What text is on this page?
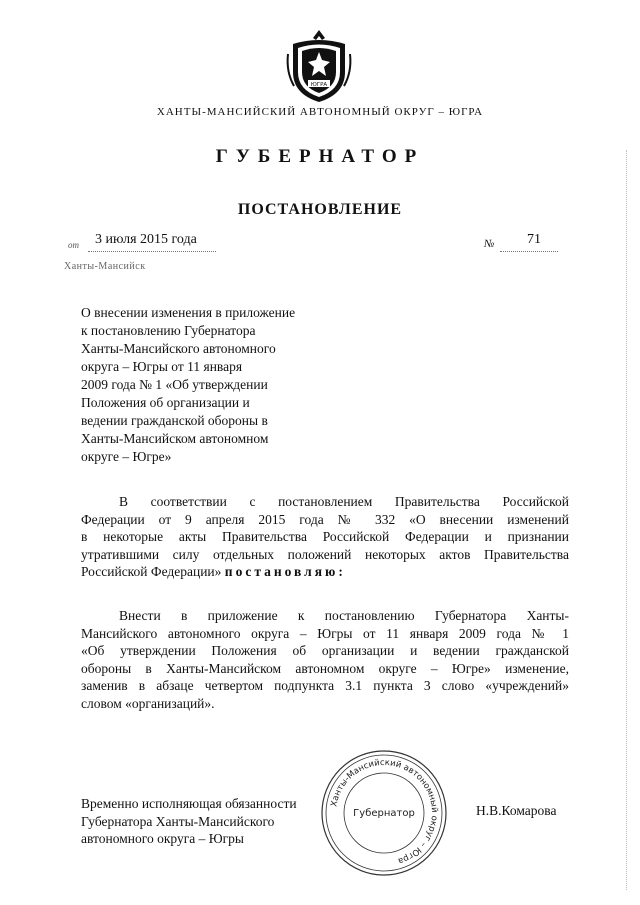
ЮГРА
ХАНТЫ-МАНСИЙСКИЙ АВТОНОМНЫЙ ОКРУГ – ЮГРА
ГУБЕРНАТОР
ПОСТАНОВЛЕНИЕ
от 3 июля 2015 года	№ 71
Ханты-Мансийск
О внесении изменения в приложение
к постановлению Губернатора
Ханты-Мансийского автономного
округа – Югры от 11 января
2009 года № 1 «Об утверждении
Положения об организации и
ведении гражданской обороны в
Ханты-Мансийском автономном
округе – Югре»
В соответствии с постановлением Правительства Российской
Федерации от 9 апреля 2015 года № 332 «О внесении изменений
в некоторые акты Правительства Российской Федерации и признании
утратившими силу отдельных положений некоторых актов Правительства
Российской Федерации» постановляю:
Внести в приложение к постановлению Губернатора Ханты-
Мансийского автономного округа – Югры от 11 января 2009 года № 1
«Об утверждении Положения об организации и ведении гражданской
обороны в Ханты-Мансийском автономном округе – Югре» изменение,
заменив в абзаце четвертом подпункта 3.1 пункта 3 слово «учреждений»
словом «организаций».
Временно исполняющая обязанности
Губернатора Ханты-Мансийского
автономного округа – Югры
Ханты-Мансийский автономный округ – Югра
Губернатор	Н.В.Комарова
